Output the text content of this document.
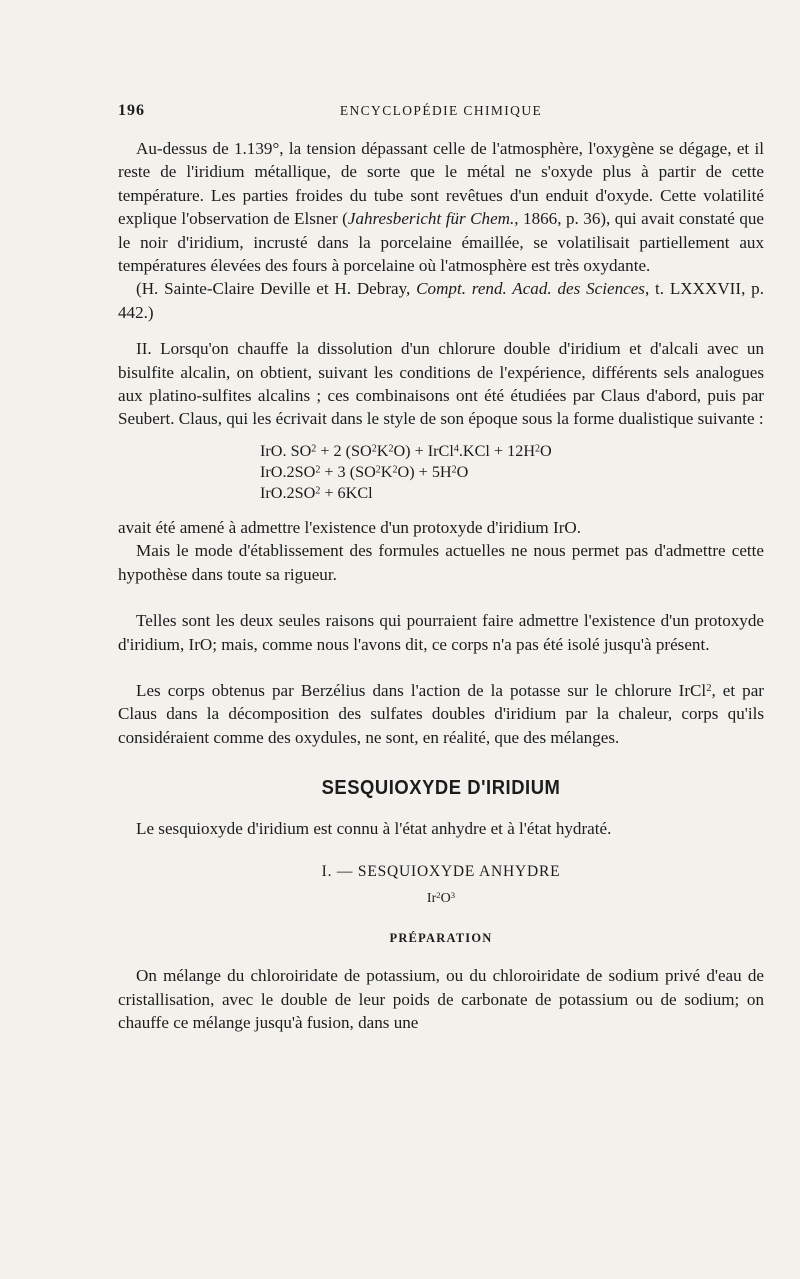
196	ENCYCLOPÉDIE CHIMIQUE

Au-dessus de 1.139°, la tension dépassant celle de l'atmosphère, l'oxygène se dégage, et il reste de l'iridium métallique, de sorte que le métal ne s'oxyde plus à partir de cette température. Les parties froides du tube sont revêtues d'un enduit d'oxyde. Cette volatilité explique l'observation de Elsner (Jahresbericht für Chem., 1866, p. 36), qui avait constaté que le noir d'iridium, incrusté dans la porcelaine émaillée, se volatilisait partiellement aux températures élevées des fours à porcelaine où l'atmosphère est très oxydante.

(H. Sainte-Claire Deville et H. Debray, Compt. rend. Acad. des Sciences, t. LXXXVII, p. 442.)

II. Lorsqu'on chauffe la dissolution d'un chlorure double d'iridium et d'alcali avec un bisulfite alcalin, on obtient, suivant les conditions de l'expérience, différents sels analogues aux platino-sulfites alcalins ; ces combinaisons ont été étudiées par Claus d'abord, puis par Seubert. Claus, qui les écrivait dans le style de son époque sous la forme dualistique suivante :

IrO. $SO^2 + 2$ $(SO^2K^2O)$ + IrCl$^4$.KCl + $12H^2O$
$IrO.2SO^2 + 3$ $(SO^2K^2O) + 5H^2O$
$IrO.2SO^2 + 6KCl$

avait été amené à admettre l'existence d'un protoxyde d'iridium IrO.

Mais le mode d'établissement des formules actuelles ne nous permet pas d'admettre cette hypothèse dans toute sa rigueur.

Telles sont les deux seules raisons qui pourraient faire admettre l'existence d'un protoxyde d'iridium, IrO; mais, comme nous l'avons dit, ce corps n'a pas été isolé jusqu'à présent.

Les corps obtenus par Berzélius dans l'action de la potasse sur le chlorure IrCl$^2$, et par Claus dans la décomposition des sulfates doubles d'iridium par la chaleur, corps qu'ils considéraient comme des oxydules, ne sont, en réalité, que des mélanges.

SESQUIOXYDE D'IRIDIUM

Le sesquioxyde d'iridium est connu à l'état anhydre et à l'état hydraté.

I. — SESQUIOXYDE ANHYDRE
$Ir^2O^3$
PRÉPARATION

On mélange du chloroiridate de potassium, ou du chloroiridate de sodium privé d'eau de cristallisation, avec le double de leur poids de carbonate de potassium ou de sodium; on chauffe ce mélange jusqu'à fusion, dans une
